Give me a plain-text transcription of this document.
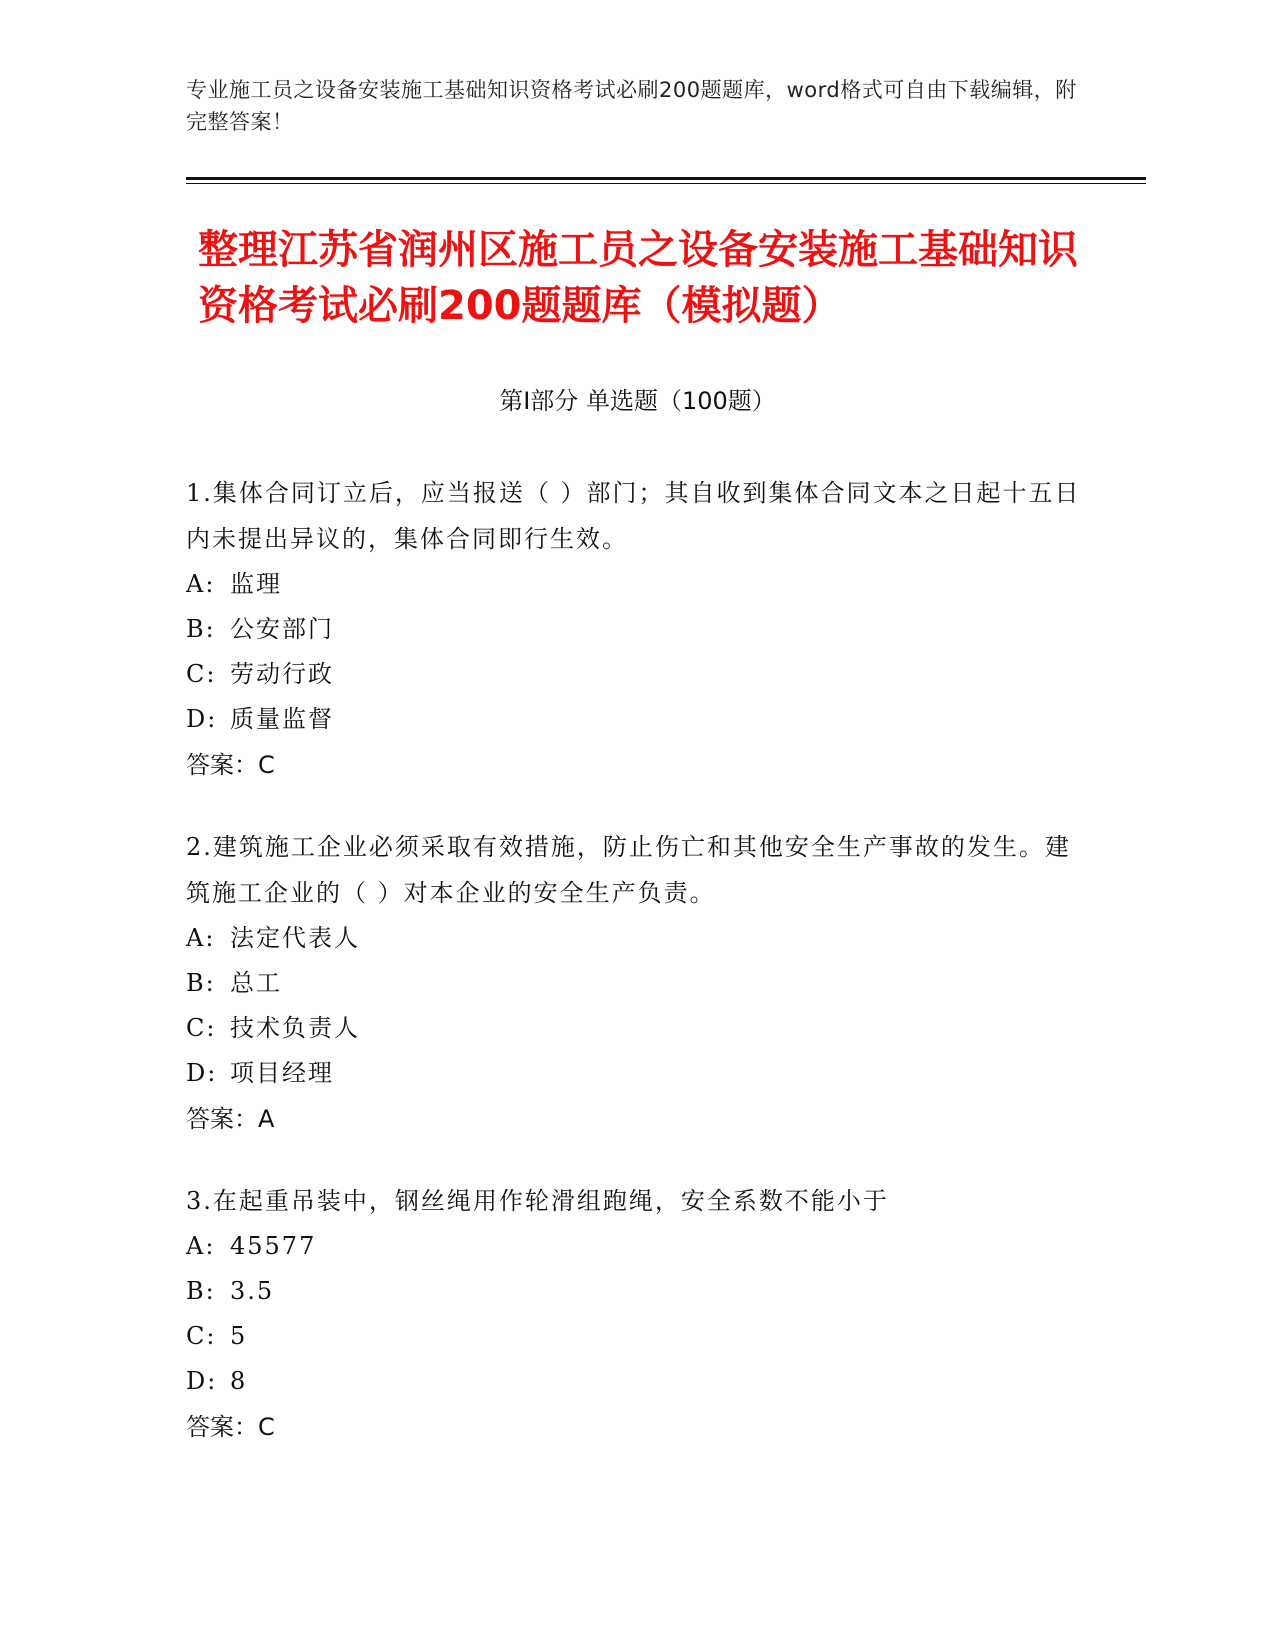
专业施工员之设备安装施工基础知识资格考试必刷200题题库，word格式可自由下载编辑，附完整答案！
整理江苏省润州区施工员之设备安装施工基础知识资格考试必刷200题题库（模拟题）
第Ⅰ部分 单选题（100题）
1.集体合同订立后，应当报送（ ）部门；其自收到集体合同文本之日起十五日内未提出异议的，集体合同即行生效。
A: 监理
B: 公安部门
C: 劳动行政
D: 质量监督
答案：C
2.建筑施工企业必须采取有效措施，防止伤亡和其他安全生产事故的发生。建筑施工企业的（ ）对本企业的安全生产负责。
A: 法定代表人
B: 总工
C: 技术负责人
D: 项目经理
答案：A
3.在起重吊装中，钢丝绳用作轮滑组跑绳，安全系数不能小于
A: 45577
B: 3.5
C: 5
D: 8
答案：C
